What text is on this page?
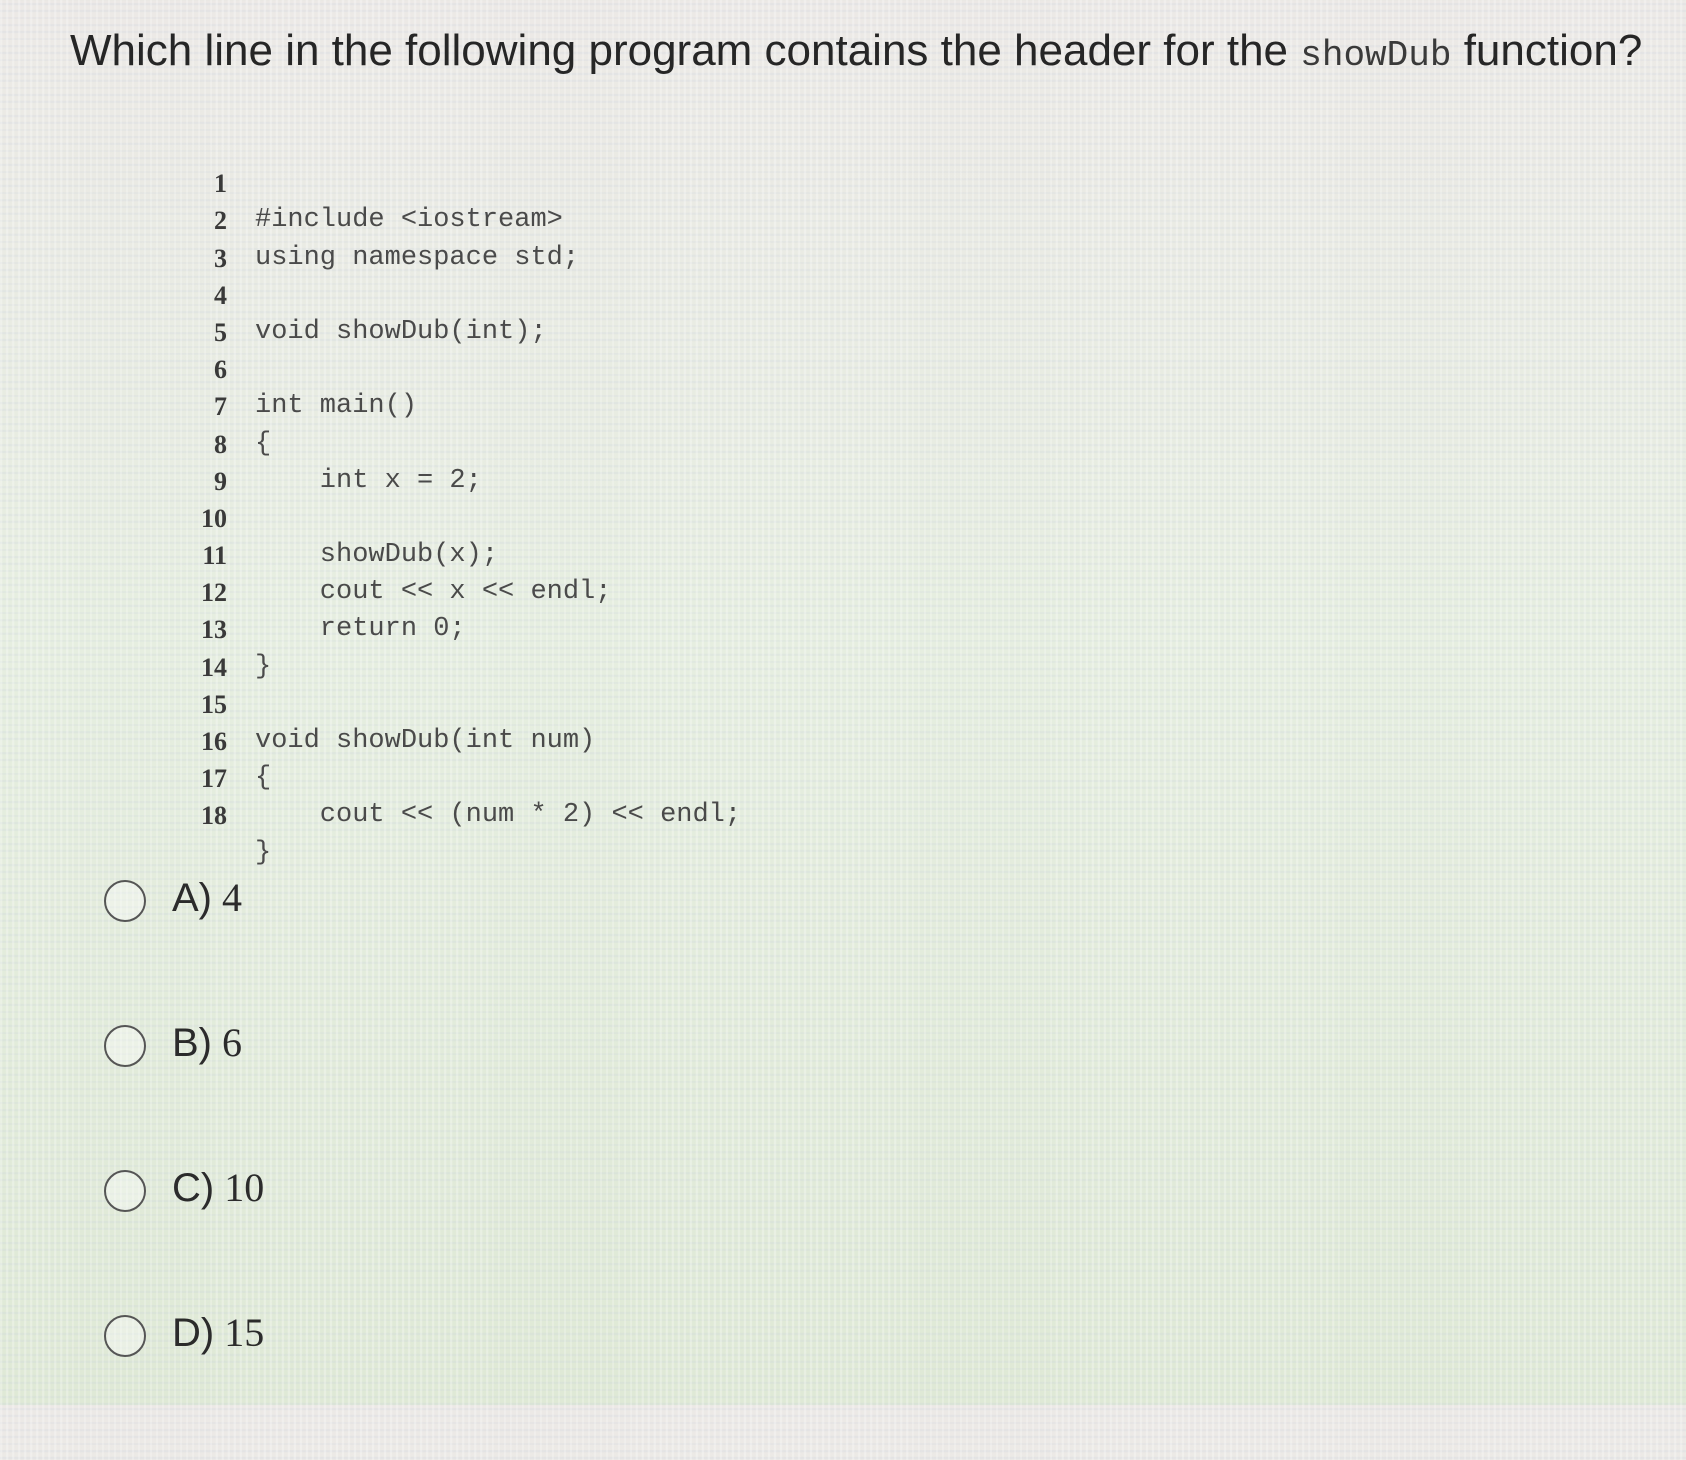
Which line in the following program contains the header for the showDub function?

1

#include <iostream>

2

using namespace std;

3

4

void showDub(int);

5

6

int main()

7

{

8

int x = 2;

9

10

showDub(x);

11

cout << x << endl;

12

return 0;

13

}

14

15

void showDub(int num)

16

{

17

cout << (num * 2) << endl;

18

}

A) 4
B) 6
C) 10
D) 15
